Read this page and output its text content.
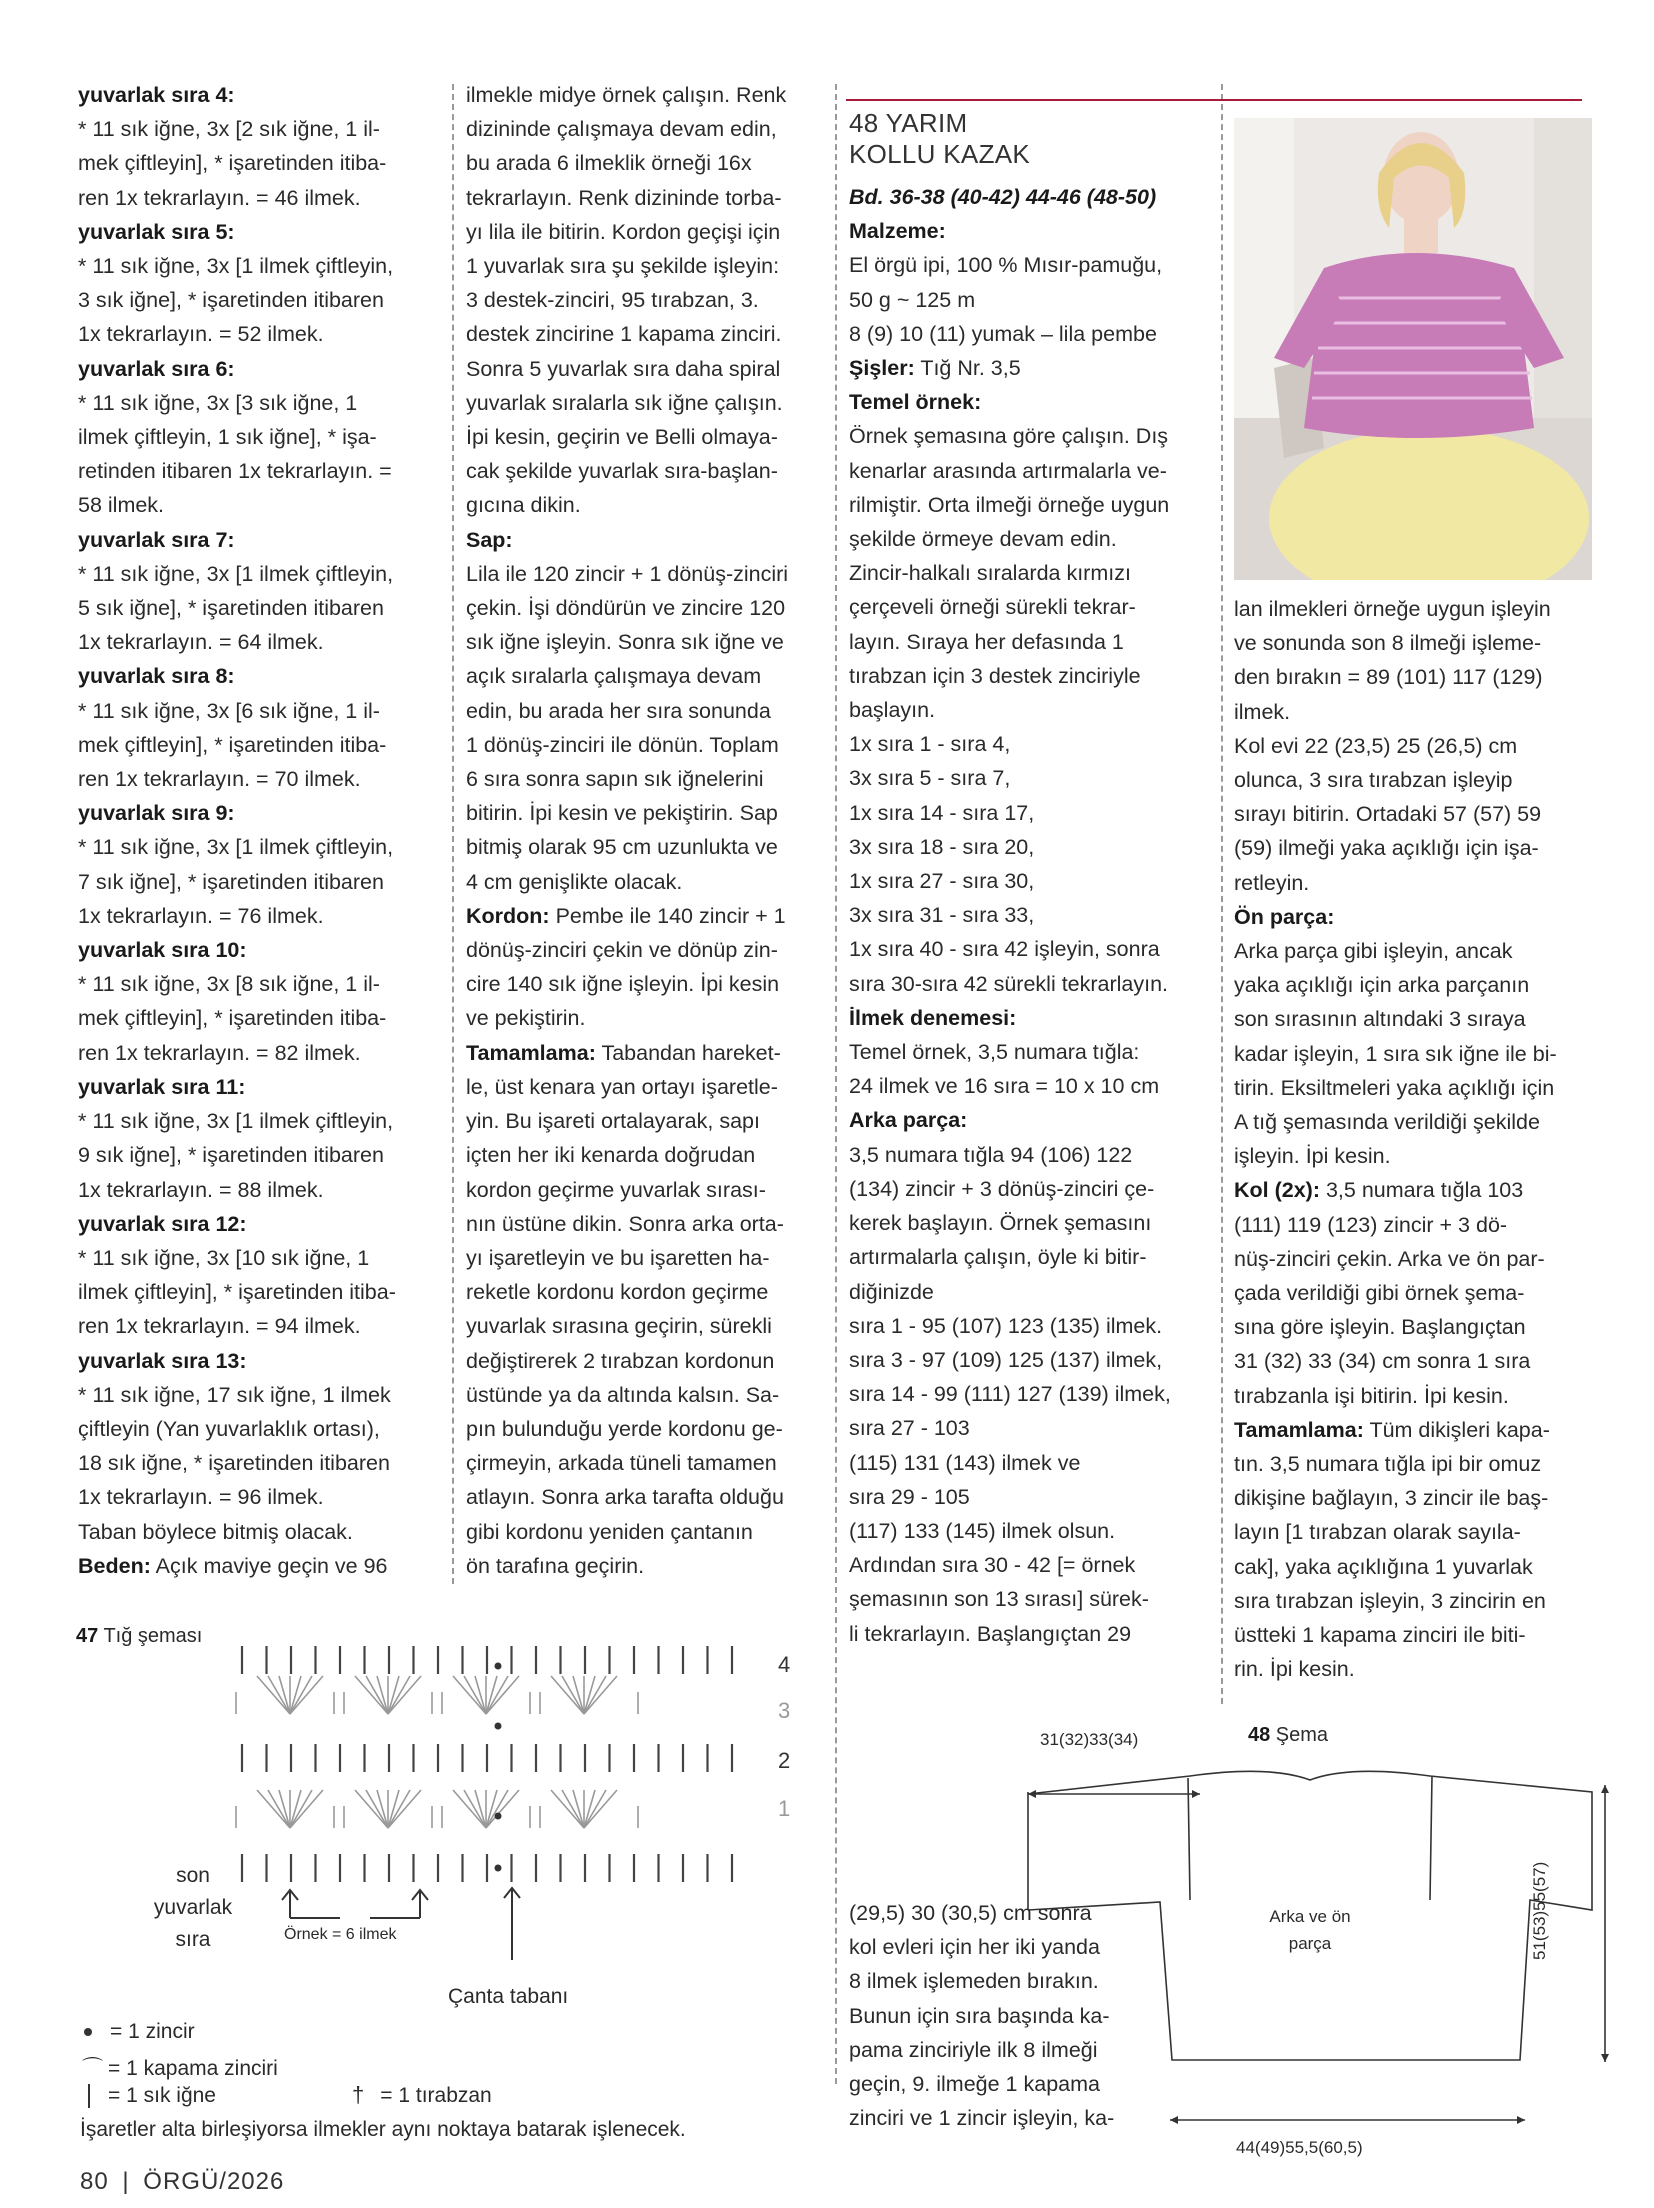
yuvarlak sıra 4:

* 11 sık iğne, 3x [2 sık iğne, 1 il-

mek çiftleyin], * işaretinden itiba-

ren 1x tekrarlayın. = 46 ilmek.

yuvarlak sıra 5:

* 11 sık iğne, 3x [1 ilmek çiftleyin,

3 sık iğne], * işaretinden itibaren

1x tekrarlayın. = 52 ilmek.

yuvarlak sıra 6:

* 11 sık iğne, 3x [3 sık iğne, 1

ilmek çiftleyin, 1 sık iğne], * işa-

retinden itibaren 1x tekrarlayın. =

58 ilmek.

yuvarlak sıra 7:

* 11 sık iğne, 3x [1 ilmek çiftleyin,

5 sık iğne], * işaretinden itibaren

1x tekrarlayın. = 64 ilmek.

yuvarlak sıra 8:

* 11 sık iğne, 3x [6 sık iğne, 1 il-

mek çiftleyin], * işaretinden itiba-

ren 1x tekrarlayın. = 70 ilmek.

yuvarlak sıra 9:

* 11 sık iğne, 3x [1 ilmek çiftleyin,

7 sık iğne], * işaretinden itibaren

1x tekrarlayın. = 76 ilmek.

yuvarlak sıra 10:

* 11 sık iğne, 3x [8 sık iğne, 1 il-

mek çiftleyin], * işaretinden itiba-

ren 1x tekrarlayın. = 82 ilmek.

yuvarlak sıra 11:

* 11 sık iğne, 3x [1 ilmek çiftleyin,

9 sık iğne], * işaretinden itibaren

1x tekrarlayın. = 88 ilmek.

yuvarlak sıra 12:

* 11 sık iğne, 3x [10 sık iğne, 1

ilmek çiftleyin], * işaretinden itiba-

ren 1x tekrarlayın. = 94 ilmek.

yuvarlak sıra 13:

* 11 sık iğne, 17 sık iğne, 1 ilmek

çiftleyin (Yan yuvarlaklık ortası),

18 sık iğne, * işaretinden itibaren

1x tekrarlayın. = 96 ilmek.

Taban böylece bitmiş olacak.

Beden: Açık maviye geçin ve 96

ilmekle midye örnek çalışın. Renk

dizininde çalışmaya devam edin,

bu arada 6 ilmeklik örneği 16x

tekrarlayın. Renk dizininde torba-

yı lila ile bitirin. Kordon geçişi için

1 yuvarlak sıra şu şekilde işleyin:

3 destek-zinciri, 95 tırabzan, 3.

destek zincirine 1 kapama zinciri.

Sonra 5 yuvarlak sıra daha spiral

yuvarlak sıralarla sık iğne çalışın.

İpi kesin, geçirin ve Belli olmaya-

cak şekilde yuvarlak sıra-başlan-

gıcına dikin.

Sap:

Lila ile 120 zincir + 1 dönüş-zinciri

çekin. İşi döndürün ve zincire 120

sık iğne işleyin. Sonra sık iğne ve

açık sıralarla çalışmaya devam

edin, bu arada her sıra sonunda

1 dönüş-zinciri ile dönün. Toplam

6 sıra sonra sapın sık iğnelerini

bitirin. İpi kesin ve pekiştirin. Sap

bitmiş olarak 95 cm uzunlukta ve

4 cm genişlikte olacak.

Kordon: Pembe ile 140 zincir + 1

dönüş-zinciri çekin ve dönüp zin-

cire 140 sık iğne işleyin. İpi kesin

ve pekiştirin.

Tamamlama: Tabandan hareket-

le, üst kenara yan ortayı işaretle-

yin. Bu işareti ortalayarak, sapı

içten her iki kenarda doğrudan

kordon geçirme yuvarlak sırası-

nın üstüne dikin. Sonra arka orta-

yı işaretleyin ve bu işaretten ha-

reketle kordonu kordon geçirme

yuvarlak sırasına geçirin, sürekli

değiştirerek 2 tırabzan kordonun

üstünde ya da altında kalsın. Sa-

pın bulunduğu yerde kordonu ge-

çirmeyin, arkada tüneli tamamen

atlayın. Sonra arka tarafta olduğu

gibi kordonu yeniden çantanın

ön tarafına geçirin.

48 YARIM
KOLLU KAZAK

Bd. 36-38 (40-42) 44-46 (48-50)

Malzeme:

El örgü ipi, 100 % Mısır-pamuğu,

50 g ~ 125 m

8 (9) 10 (11) yumak – lila pembe

Şişler: Tığ Nr. 3,5

Temel örnek:

Örnek şemasına göre çalışın. Dış

kenarlar arasında artırmalarla ve-

rilmiştir. Orta ilmeği örneğe uygun

şekilde örmeye devam edin.

Zincir-halkalı sıralarda kırmızı

çerçeveli örneği sürekli tekrar-

layın. Sıraya her defasında 1

tırabzan için 3 destek zinciriyle

başlayın.

1x sıra 1 - sıra 4,

3x sıra 5 - sıra 7,

1x sıra 14 - sıra 17,

3x sıra 18 - sıra 20,

1x sıra 27 - sıra 30,

3x sıra 31 - sıra 33,

1x sıra 40 - sıra 42 işleyin, sonra

sıra 30-sıra 42 sürekli tekrarlayın.

İlmek denemesi:

Temel örnek, 3,5 numara tığla:

24 ilmek ve 16 sıra = 10 x 10 cm

Arka parça:

3,5 numara tığla 94 (106) 122

(134) zincir + 3 dönüş-zinciri çe-

kerek başlayın. Örnek şemasını

artırmalarla çalışın, öyle ki bitir-

diğinizde

sıra 1 - 95 (107) 123 (135) ilmek.

sıra 3 - 97 (109) 125 (137) ilmek,

sıra 14 - 99 (111) 127 (139) ilmek,

sıra 27 - 103

(115) 131 (143) ilmek ve

sıra 29 - 105

(117) 133 (145) ilmek olsun.

Ardından sıra 30 - 42 [= örnek

şemasının son 13 sırası] sürek-

li tekrarlayın. Başlangıçtan 29

lan ilmekleri örneğe uygun işleyin

ve sonunda son 8 ilmeği işleme-

den bırakın = 89 (101) 117 (129)

ilmek.

Kol evi 22 (23,5) 25 (26,5) cm

olunca, 3 sıra tırabzan işleyip

sırayı bitirin. Ortadaki 57 (57) 59

(59) ilmeği yaka açıklığı için işa-

retleyin.

Ön parça:

Arka parça gibi işleyin, ancak

yaka açıklığı için arka parçanın

son sırasının altındaki 3 sıraya

kadar işleyin, 1 sıra sık iğne ile bi-

tirin. Eksiltmeleri yaka açıklığı için

A tığ şemasında verildiği şekilde

işleyin. İpi kesin.

Kol (2x): 3,5 numara tığla 103

(111) 119 (123) zincir + 3 dö-

nüş-zinciri çekin. Arka ve ön par-

çada verildiği gibi örnek şema-

sına göre işleyin. Başlangıçtan

31 (32) 33 (34) cm sonra 1 sıra

tırabzanla işi bitirin. İpi kesin.

Tamamlama: Tüm dikişleri kapa-

tın. 3,5 numara tığla ipi bir omuz

dikişine bağlayın, 3 zincir ile baş-

layın [1 tırabzan olarak sayıla-

cak], yaka açıklığına 1 yuvarlak

sıra tırabzan işleyin, 3 zincirin en

üstteki 1 kapama zinciri ile biti-

rin. İpi kesin.

(29,5) 30 (30,5) cm sonra

kol evleri için her iki yanda

8 ilmek işlemeden bırakın.

Bunun için sıra başında ka-

pama zinciriyle ilk 8 ilmeği

geçin, 9. ilmeğe 1 kapama

zinciri ve 1 zincir işleyin, ka-

47 Tığ şeması
4
3
2
1
son
yuvarlak
sıra	Örnek = 6 ilmek
Çanta tabanı
= 1 zincir
⌒ = 1 kapama zinciri
= 1 sık iğne	† = 1 tırabzan
İşaretler alta birleşiyorsa ilmekler aynı noktaya batarak işlenecek.
48 Şema
31(32)33(34)
Arka ve ön
parça	51(53)55(57)
44(49)55,5(60,5)
80 | ÖRGÜ/2026
